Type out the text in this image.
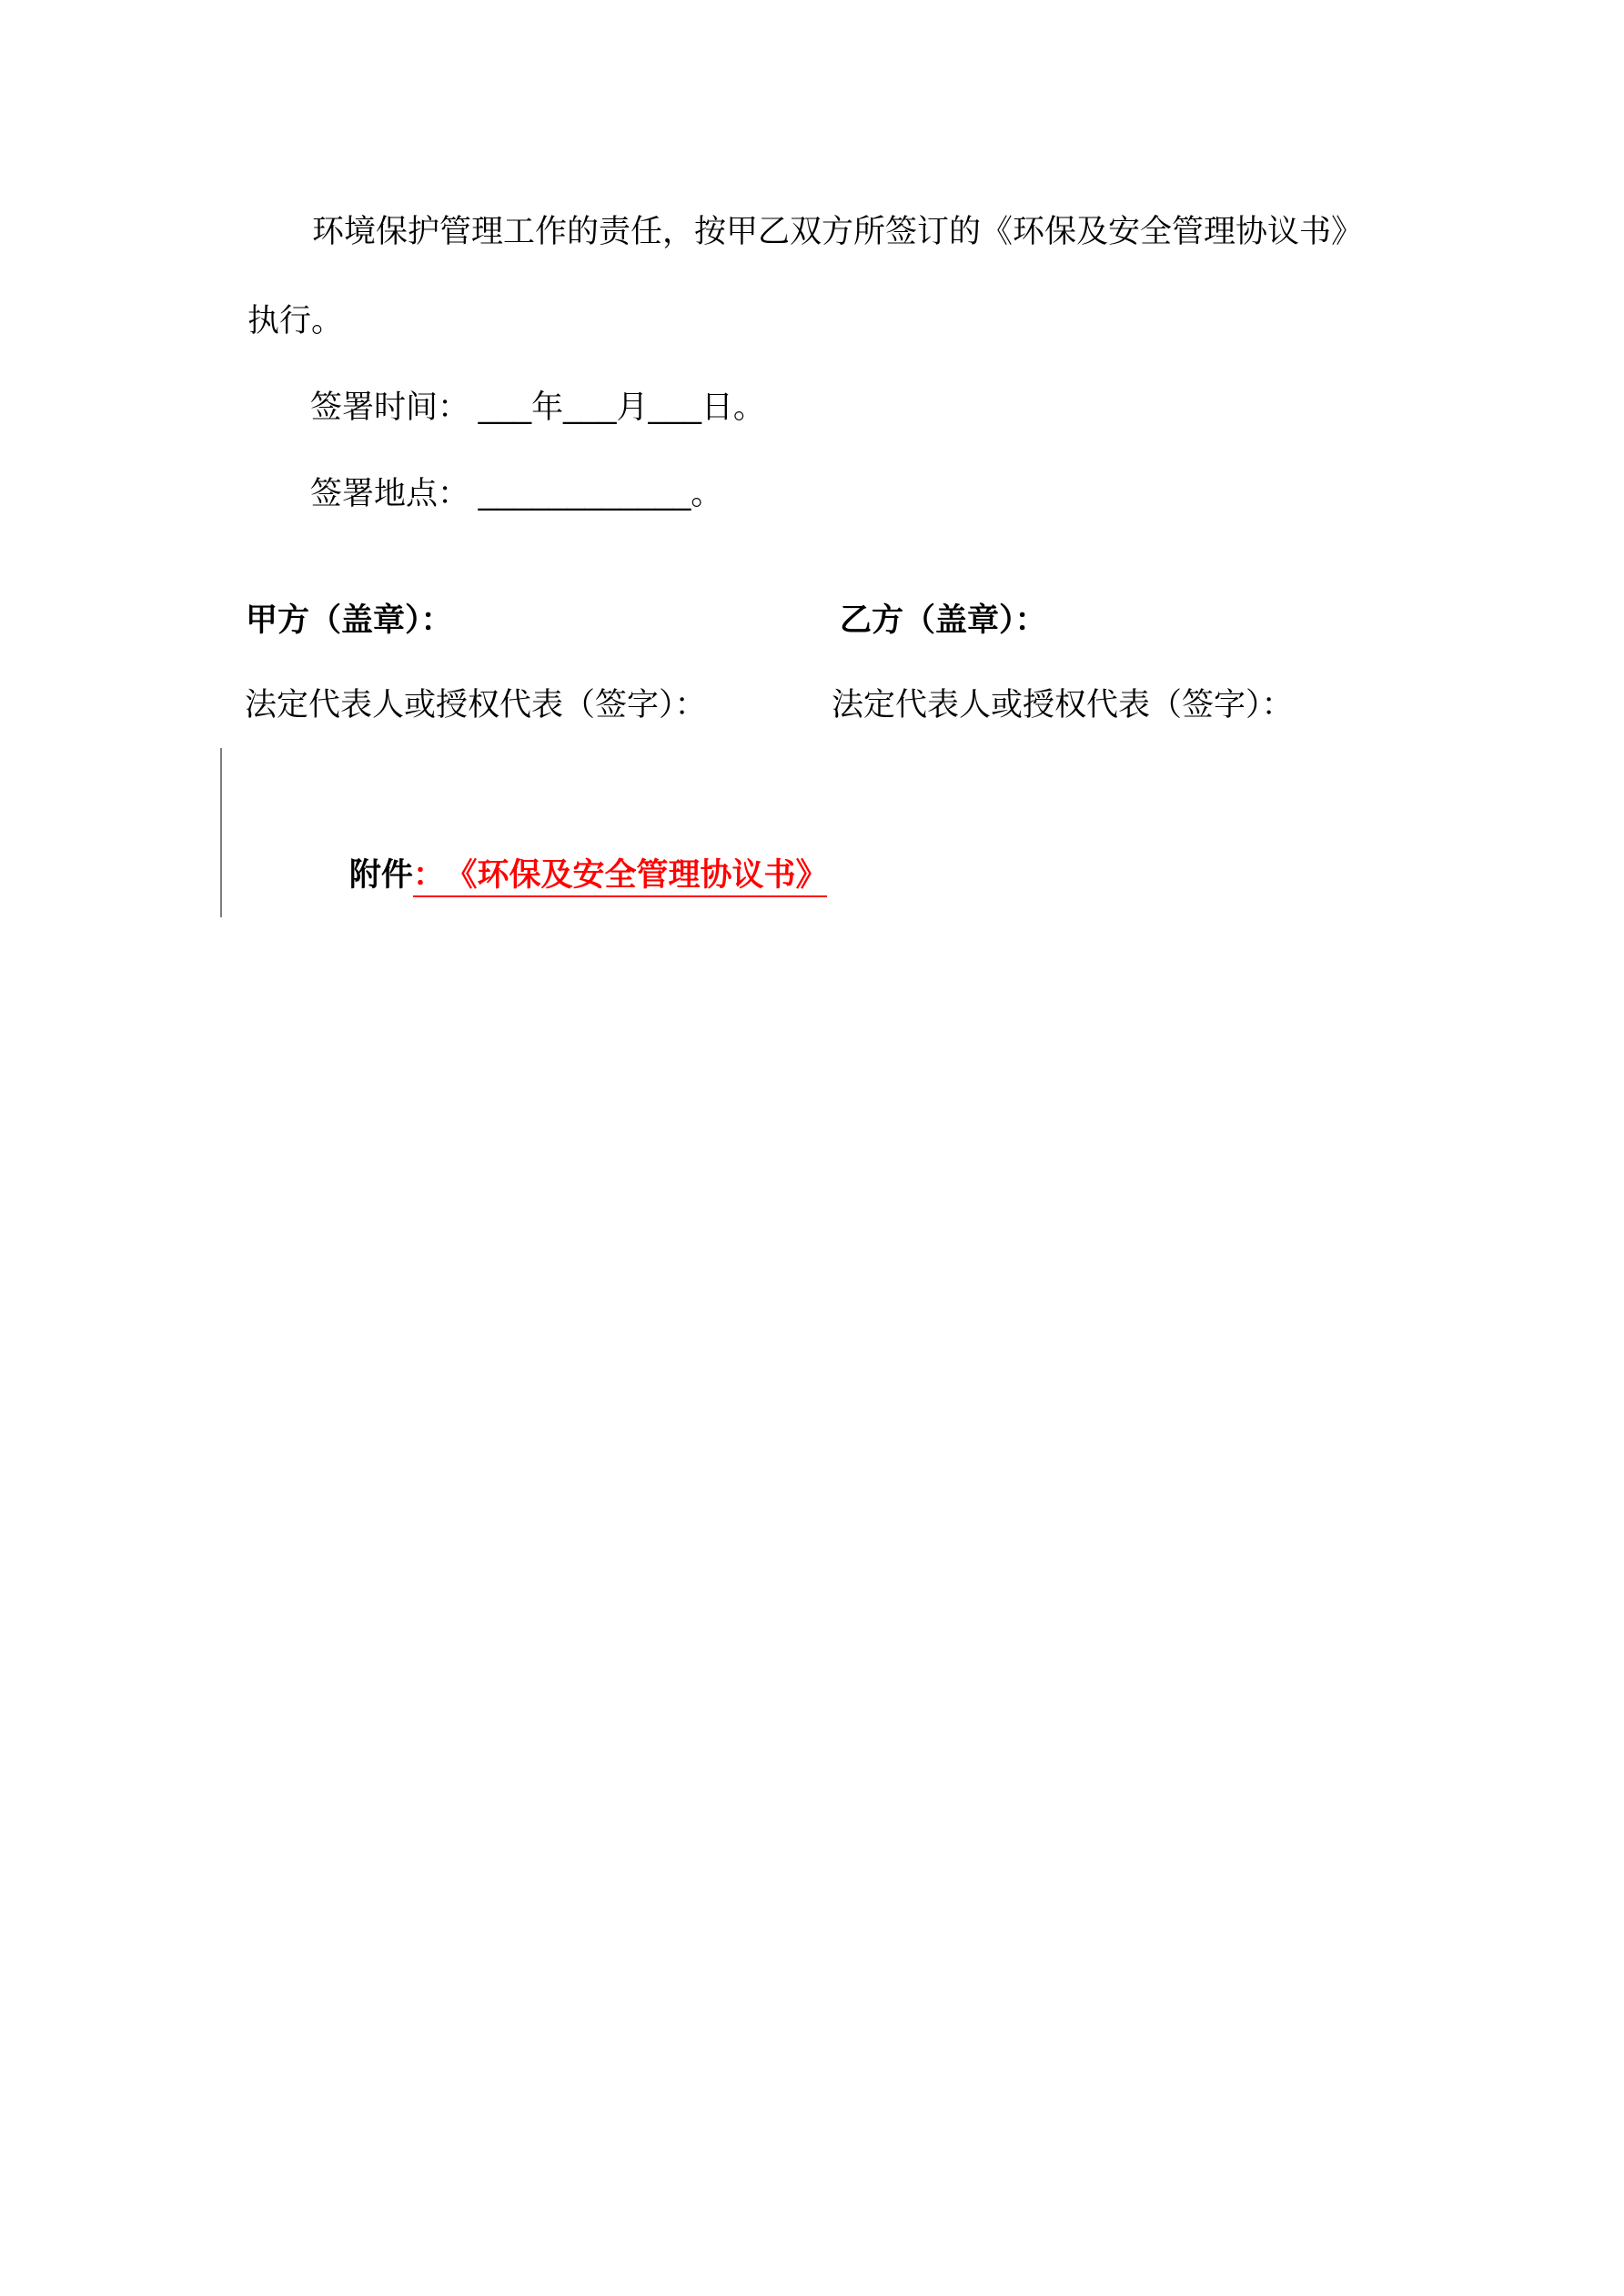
环境保护管理工作的责任，按甲乙双方所签订的《环保及安全管理协议书》
执行。
签署时间： ___年___月___日。
签署地点： ____________。
甲方（盖章）：	乙方（盖章）：
法定代表人或授权代表（签字）：	法定代表人或授权代表（签字）：

附件： 《环保及安全管理协议书》
